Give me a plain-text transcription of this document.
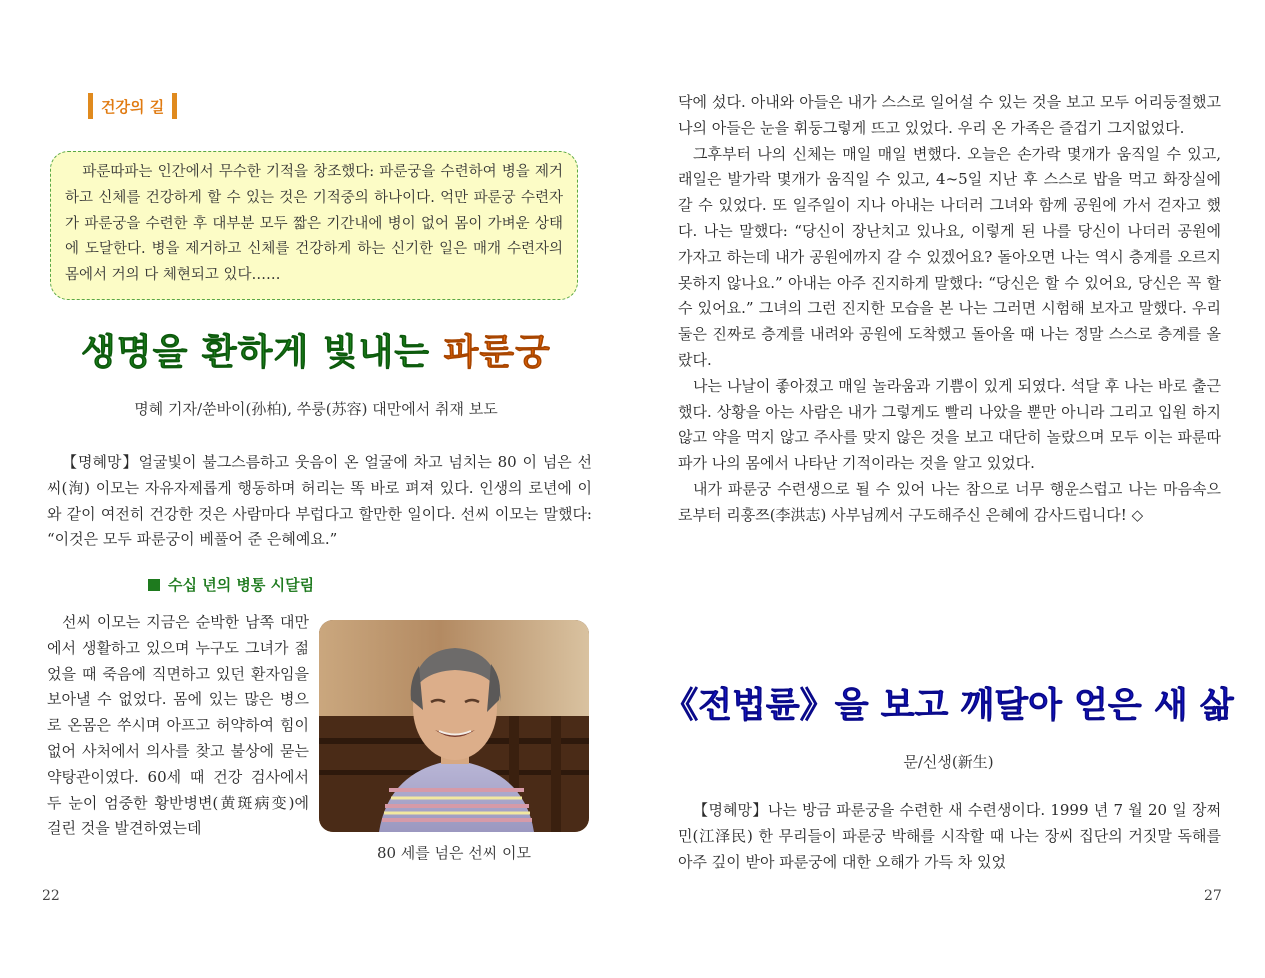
건강의 길
파룬따파는 인간에서 무수한 기적을 창조했다: 파룬궁을 수련하여 병을 제거하고 신체를 건강하게 할 수 있는 것은 기적중의 하나이다. 억만 파룬궁 수련자가 파룬궁을 수련한 후 대부분 모두 짧은 기간내에 병이 없어 몸이 가벼운 상태에 도달한다. 병을 제거하고 신체를 건강하게 하는 신기한 일은 매개 수련자의 몸에서 거의 다 체현되고 있다……
생명을 환하게 빛내는 파룬궁
명혜 기자/쑨바이(孙柏), 쑤룽(苏容) 대만에서 취재 보도

【명혜망】얼굴빛이 불그스름하고 웃음이 온 얼굴에 차고 넘치는 80 이 넘은 선씨(洵) 이모는 자유자제롭게 행동하며 허리는 똑 바로 펴져 있다. 인생의 로년에 이와 같이 여전히 건강한 것은 사람마다 부럽다고 할만한 일이다. 선씨 이모는 말했다: “이것은 모두 파룬궁이 베풀어 준 은혜예요.”

수십 년의 병통 시달림

선씨 이모는 지금은 순박한 남쪽 대만에서 생활하고 있으며 누구도 그녀가 젊었을 때 죽음에 직면하고 있던 환자임을 보아낼 수 없었다. 몸에 있는 많은 병으로 온몸은 쑤시며 아프고 허약하여 힘이 없어 사처에서 의사를 찾고 불상에 묻는 약탕관이였다. 60세 때 건강 검사에서 두 눈이 엄중한 황반병변(黄斑病变)에 걸린 것을 발견하였는데

80 세를 넘은 선씨 이모
22

닥에 섰다. 아내와 아들은 내가 스스로 일어설 수 있는 것을 보고 모두 어리둥절했고 나의 아들은 눈을 휘둥그렇게 뜨고 있었다. 우리 온 가족은 즐겁기 그지없었다.

그후부터 나의 신체는 매일 매일 변했다. 오늘은 손가락 몇개가 움직일 수 있고, 래일은 발가락 몇개가 움직일 수 있고, 4~5일 지난 후 스스로 밥을 먹고 화장실에 갈 수 있었다. 또 일주일이 지나 아내는 나더러 그녀와 함께 공원에 가서 걷자고 했다. 나는 말했다: “당신이 장난치고 있나요, 이렇게 된 나를 당신이 나더러 공원에 가자고 하는데 내가 공원에까지 갈 수 있겠어요? 돌아오면 나는 역시 층계를 오르지 못하지 않나요.” 아내는 아주 진지하게 말했다: “당신은 할 수 있어요, 당신은 꼭 할 수 있어요.” 그녀의 그런 진지한 모습을 본 나는 그러면 시험해 보자고 말했다. 우리 둘은 진짜로 층계를 내려와 공원에 도착했고 돌아올 때 나는 정말 스스로 층계를 올랐다.

나는 나날이 좋아졌고 매일 놀라움과 기쁨이 있게 되였다. 석달 후 나는 바로 출근했다. 상황을 아는 사람은 내가 그렇게도 빨리 나았을 뿐만 아니라 그리고 입원 하지 않고 약을 먹지 않고 주사를 맞지 않은 것을 보고 대단히 놀랐으며 모두 이는 파룬따파가 나의 몸에서 나타난 기적이라는 것을 알고 있었다.

내가 파룬궁 수련생으로 될 수 있어 나는 참으로 너무 행운스럽고 나는 마음속으로부터 리훙쯔(李洪志) 사부님께서 구도해주신 은혜에 감사드립니다! ◇

《전법륜》을 보고 깨달아 얻은 새 삶
문/신생(新生)

【명혜망】나는 방금 파룬궁을 수련한 새 수련생이다. 1999 년 7 월 20 일 장쩌민(江泽民) 한 무리들이 파룬궁 박해를 시작할 때 나는 장씨 집단의 거짓말 독해를 아주 깊이 받아 파룬궁에 대한 오해가 가득 차 있었

27
